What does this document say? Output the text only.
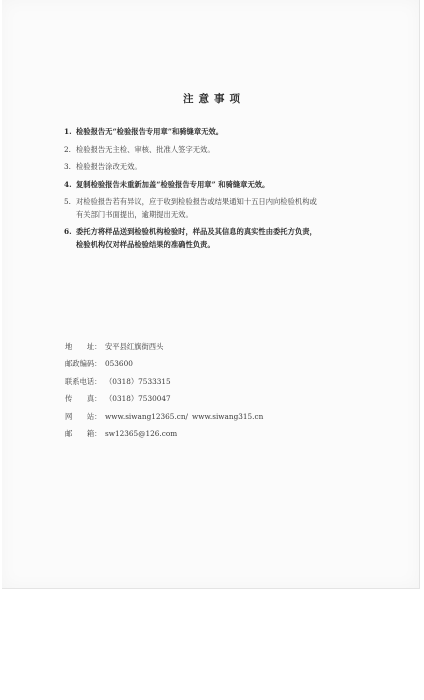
注意事项
1. 检验报告无“检验报告专用章”和骑缝章无效。
2. 检验报告无主检、审核、批准人签字无效。
3. 检验报告涂改无效。
4. 复制检验报告未重新加盖“检验报告专用章” 和骑缝章无效。
5. 对检验报告若有异议，应于收到检验报告或结果通知十五日内向检验机构或
有关部门书面提出，逾期提出无效。
6. 委托方将样品送到检验机构检验时，样品及其信息的真实性由委托方负责，
检验机构仅对样品检验结果的准确性负责。
地　　址： 安平县红旗街西头
邮政编码： 053600
联系电话： （0318）7533315
传　　真： （0318）7530047
网　　站： www.siwang12365.cn/ www.siwang315.cn
邮　　箱： sw12365@126.com
